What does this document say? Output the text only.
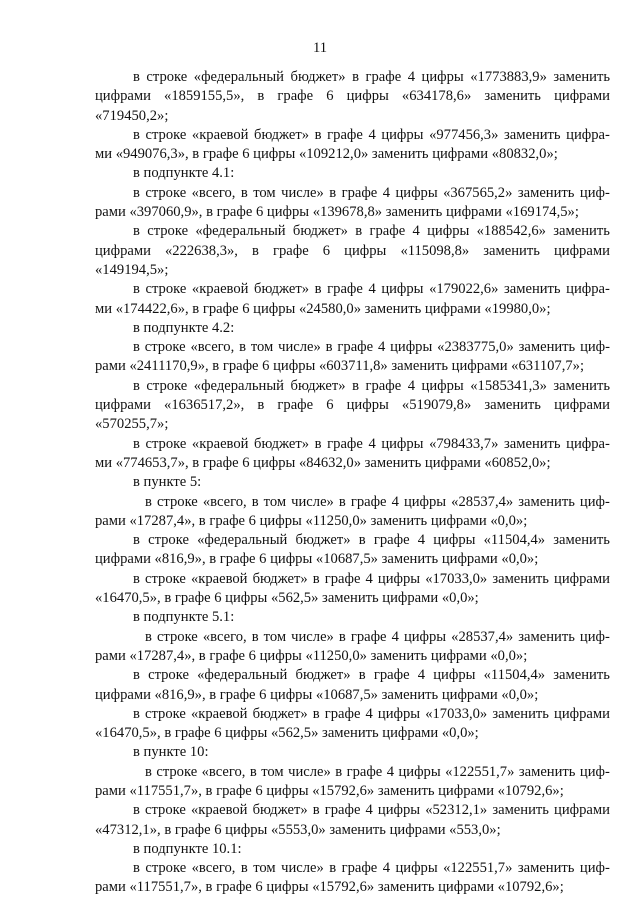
11
в строке «федеральный бюджет» в графе 4 цифры «1773883,9» заменить
цифрами «1859155,5», в графе 6 цифры «634178,6» заменить цифрами
«719450,2»;
в строке «краевой бюджет» в графе 4 цифры «977456,3» заменить цифра-
ми «949076,3», в графе 6 цифры «109212,0» заменить цифрами «80832,0»;
в подпункте 4.1:
в строке «всего, в том числе» в графе 4 цифры «367565,2» заменить циф-
рами «397060,9», в графе 6 цифры «139678,8» заменить цифрами «169174,5»;
в строке «федеральный бюджет» в графе 4 цифры «188542,6» заменить
цифрами «222638,3», в графе 6 цифры «115098,8» заменить цифрами
«149194,5»;
в строке «краевой бюджет» в графе 4 цифры «179022,6» заменить цифра-
ми «174422,6», в графе 6 цифры «24580,0» заменить цифрами «19980,0»;
в подпункте 4.2:
в строке «всего, в том числе» в графе 4 цифры «2383775,0» заменить циф-
рами «2411170,9», в графе 6 цифры «603711,8» заменить цифрами «631107,7»;
в строке «федеральный бюджет» в графе 4 цифры «1585341,3» заменить
цифрами «1636517,2», в графе 6 цифры «519079,8» заменить цифрами
«570255,7»;
в строке «краевой бюджет» в графе 4 цифры «798433,7» заменить цифра-
ми «774653,7», в графе 6 цифры «84632,0» заменить цифрами «60852,0»;
в пункте 5:
в строке «всего, в том числе» в графе 4 цифры «28537,4» заменить циф-
рами «17287,4», в графе 6 цифры «11250,0» заменить цифрами «0,0»;
в строке «федеральный бюджет» в графе 4 цифры «11504,4» заменить
цифрами «816,9», в графе 6 цифры «10687,5» заменить цифрами «0,0»;
в строке «краевой бюджет» в графе 4 цифры «17033,0» заменить цифрами
«16470,5», в графе 6 цифры «562,5» заменить цифрами «0,0»;
в подпункте 5.1:
в строке «всего, в том числе» в графе 4 цифры «28537,4» заменить циф-
рами «17287,4», в графе 6 цифры «11250,0» заменить цифрами «0,0»;
в строке «федеральный бюджет» в графе 4 цифры «11504,4» заменить
цифрами «816,9», в графе 6 цифры «10687,5» заменить цифрами «0,0»;
в строке «краевой бюджет» в графе 4 цифры «17033,0» заменить цифрами
«16470,5», в графе 6 цифры «562,5» заменить цифрами «0,0»;
в пункте 10:
в строке «всего, в том числе» в графе 4 цифры «122551,7» заменить циф-
рами «117551,7», в графе 6 цифры «15792,6» заменить цифрами «10792,6»;
в строке «краевой бюджет» в графе 4 цифры «52312,1» заменить цифрами
«47312,1», в графе 6 цифры «5553,0» заменить цифрами «553,0»;
в подпункте 10.1:
в строке «всего, в том числе» в графе 4 цифры «122551,7» заменить циф-
рами «117551,7», в графе 6 цифры «15792,6» заменить цифрами «10792,6»;
